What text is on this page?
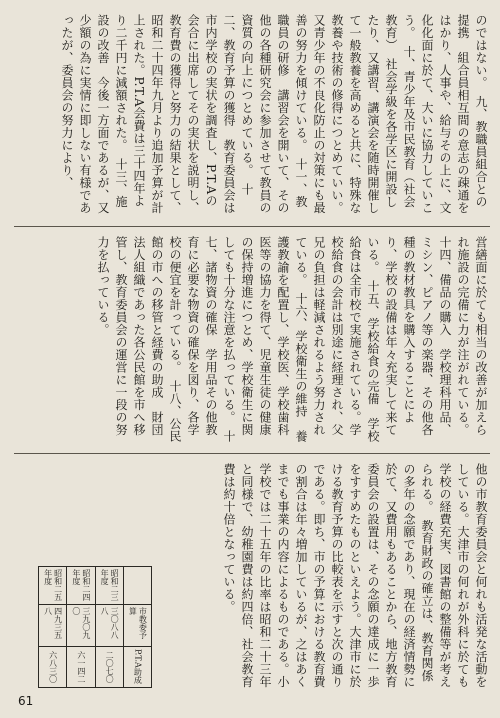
のではない。　九、教職員組合との提携　組合員相互間の意志の疎通をはかり、人事や、給与その上に、文化化面に於て、大いに協力していこう。　十、青少年及市民教育（社会教育）　社会学級を各学区に開設したり、又講習、講演会を随時開催して一般教養を高めると共に、特殊な教養や技術の修得につとめていい。又青少年の不良化防止の対策にも最善の努力を傾けている。　十一、教職員の研修　講習会を開いて、その他の各種研究会に参加させて教員の資質の向上につとめている。　十二、教育予算の獲得　教育委員会は市内学校の実状を調査し、P.T.Aの会合に出席してその実状を説明し、教育費の獲得と努力の結果として、昭和二十四年九月より追加予算が計上された。P.T.A会費は三十四年より二千円に減額された。　十三、施設の改善　今後一方面であるが、又少額の為に実情に即しない有様であったが、委員会の努力により、

営繕面に於ても相当の改善が加えられ施設の完備に力が注がれている。　十四、備品の購入　学校理科用品、ミシン、ピアノ等の楽器、その他各種の教材教具を購入することにより、学校の設備は年々充実して来ている。　十五、学校給食の完備　学校給食は全市校で実施されている。学校給食の会計は別途に経理され、父兄の負担は軽減されるよう努力されている。　十六、学校衛生の維持　養護教諭を配置し、学校医、学校歯科医等の協力を得て、児童生徒の健康の保持増進につとめ、学校衛生に関しても十分な注意を払っている。　十七、諸物資の確保　学用品その他教育に必要な物資の確保を図り、各学校の便宜を計っている。　十八、公民館の市への移管と経費の助成　財団法人組織であった各公民館を市へ移管し、教育委員会の運営に一段の努力を払っている。

他の市教育委員会と何れも活発な活動をしている。大津市の何れが外科に於ても学校の経費充実、図書館の整備等が考えられる。　教育財政の確立は、教育関係の多年の念願であり、現在の経済情勢に於て、又費用もあることから、地方教育委員会の設置は、その念願の達成に一歩をすすめたものといえよう。大津市に於ける教育予算の比較表を示すと次の通りである。即ち、市の予算における教育費の割合は年々増加しているが、之はあくまでも事業の内容によるものである。小学校では二十五年の比率は昭和二十三年と同様で、幼稚園費は約四倍、社会教育費は約十倍となっている。

市教委予算
P.T.A助成
昭和二三年度
三〇八八八
二〇七〇
昭和二四年度
三九〇九〇
六一四二
昭和二五年度
四九三五八
六八三〇
61
